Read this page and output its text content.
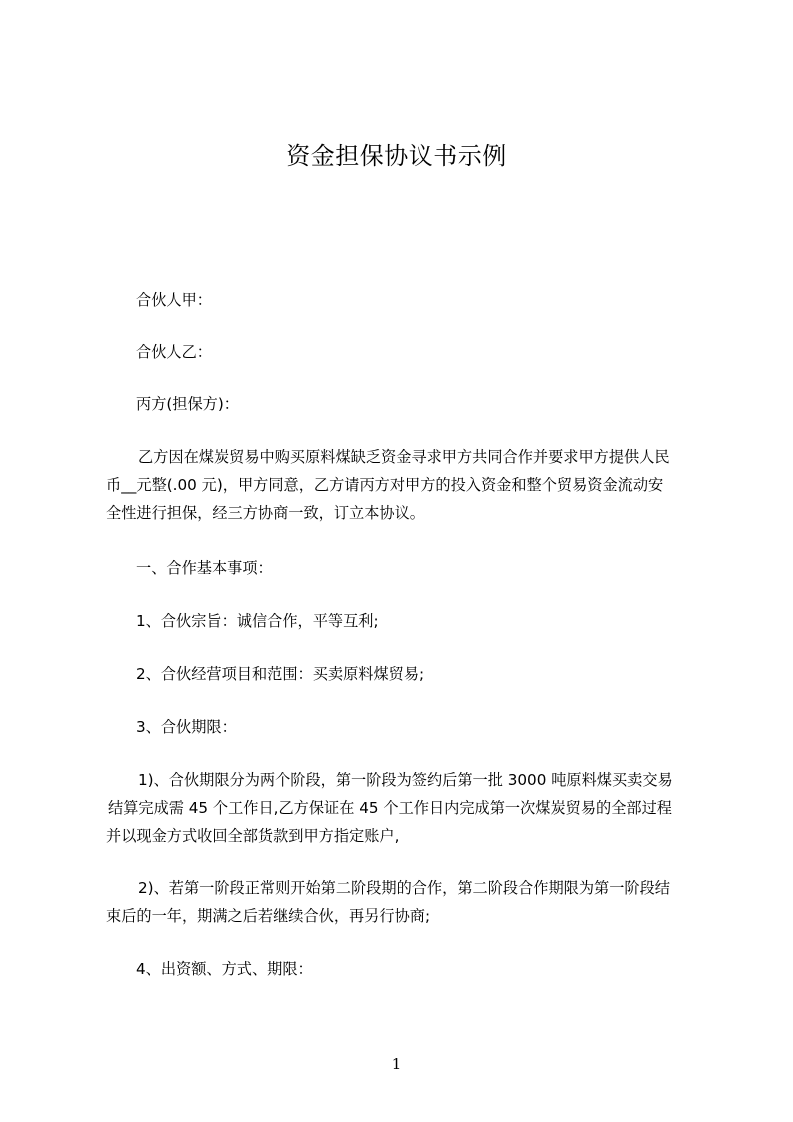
资金担保协议书示例
合伙人甲：
合伙人乙：
丙方(担保方)：
乙方因在煤炭贸易中购买原料煤缺乏资金寻求甲方共同合作并要求甲方提供人民
币__元整(.00 元)，甲方同意，乙方请丙方对甲方的投入资金和整个贸易资金流动安
全性进行担保，经三方协商一致，订立本协议。
一、合作基本事项：
1、合伙宗旨：诚信合作，平等互利;
2、合伙经营项目和范围：买卖原料煤贸易;
3、合伙期限：
1)、合伙期限分为两个阶段，第一阶段为签约后第一批 3000 吨原料煤买卖交易
结算完成需 45 个工作日,乙方保证在 45 个工作日内完成第一次煤炭贸易的全部过程
并以现金方式收回全部货款到甲方指定账户,
2)、若第一阶段正常则开始第二阶段期的合作，第二阶段合作期限为第一阶段结
束后的一年，期满之后若继续合伙，再另行协商;
4、出资额、方式、期限：
1
